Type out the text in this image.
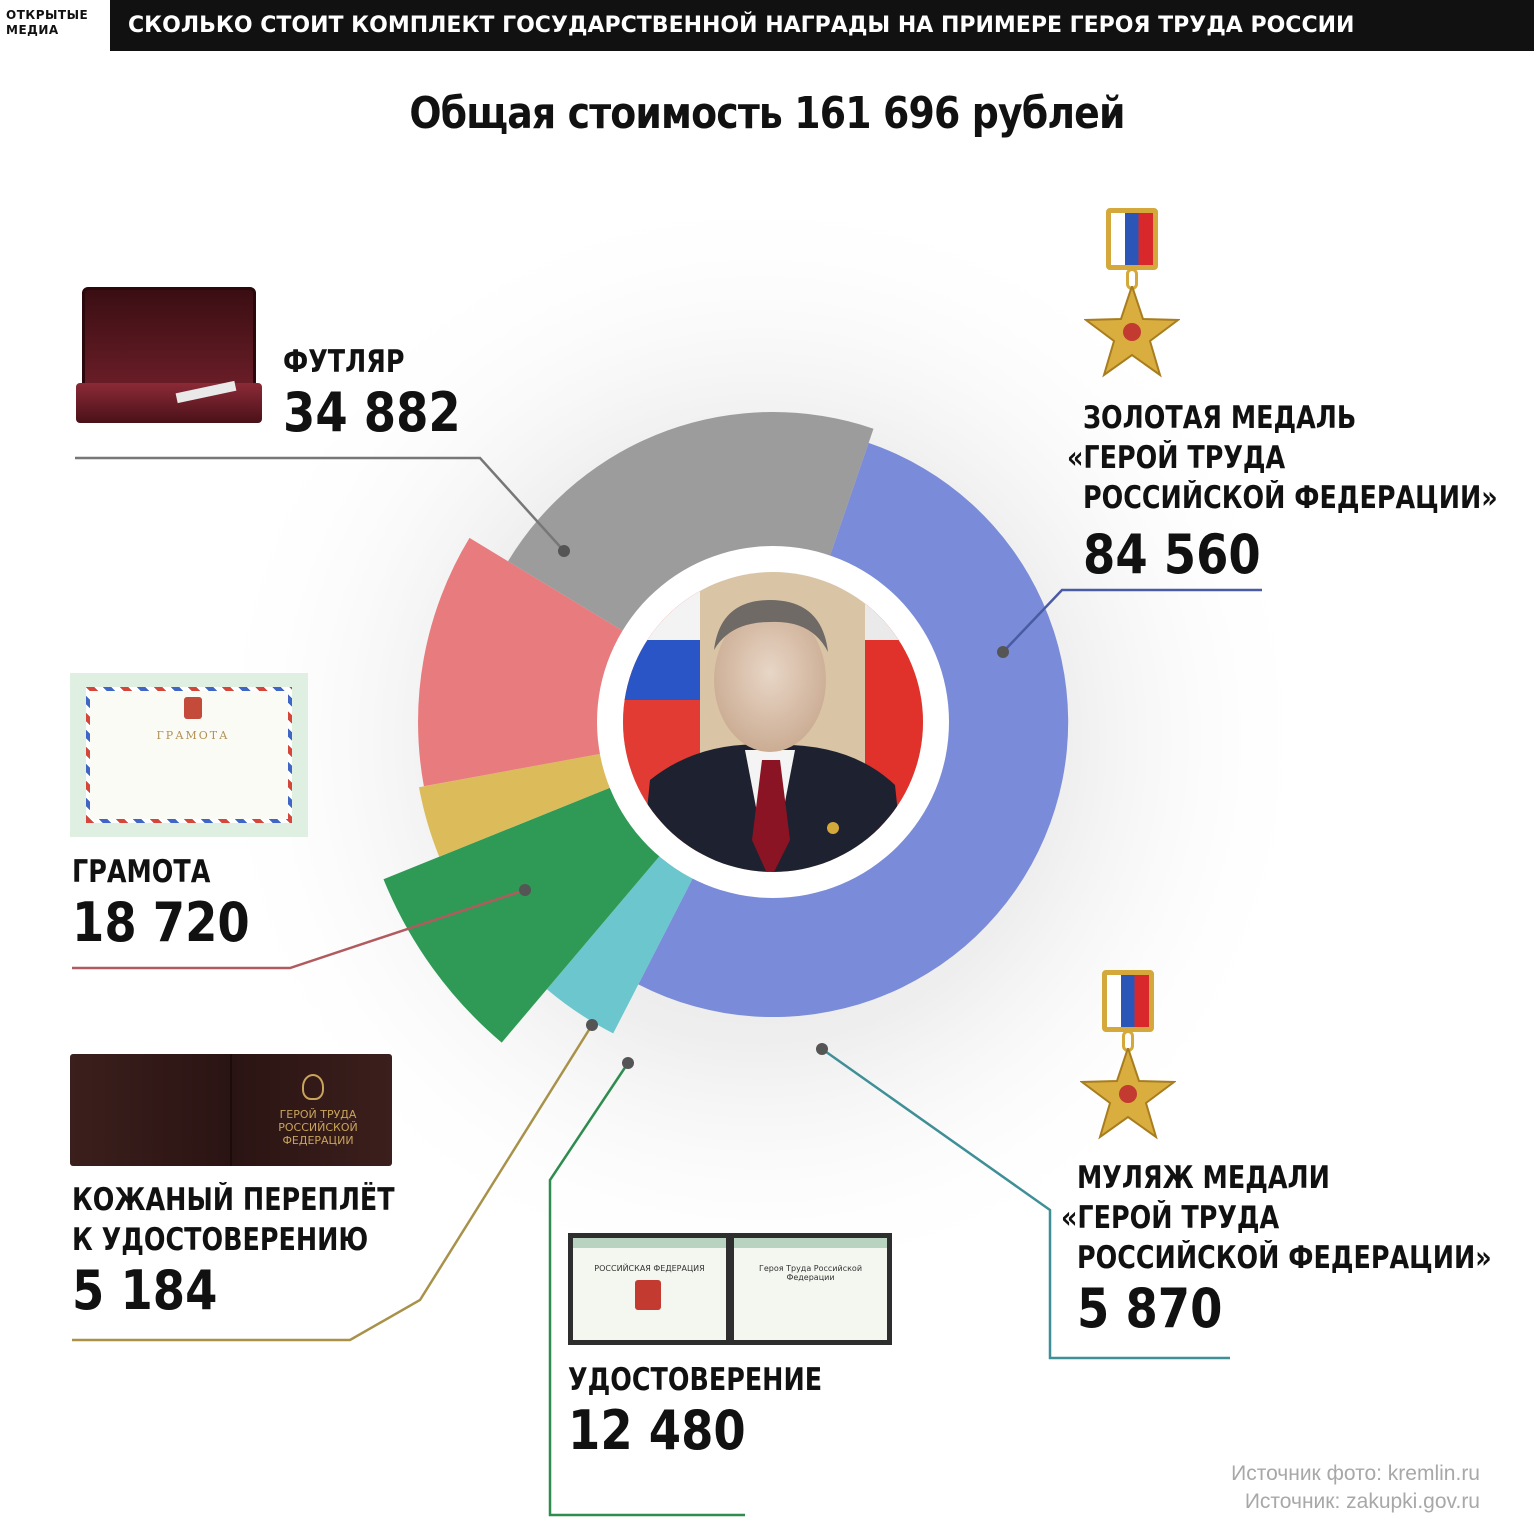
ОТКРЫТЫЕ
МЕДИА	СКОЛЬКО СТОИТ КОМПЛЕКТ ГОСУДАРСТВЕННОЙ НАГРАДЫ НА ПРИМЕРЕ ГЕРОЯ ТРУДА РОССИИ
Общая стоимость 161 696 рублей
ФУТЛЯР
34 882	ЗОЛОТАЯ МЕДАЛЬ
«ГЕРОЙ ТРУДА
РОССИЙСКОЙ ФЕДЕРАЦИИ»
84 560
ГРАМОТА
18 720
КОЖАНЫЙ ПЕРЕПЛЁТ
К УДОСТОВЕРЕНИЮ
5 184
МУЛЯЖ МЕДАЛИ
«ГЕРОЙ ТРУДА
РОССИЙСКОЙ ФЕДЕРАЦИИ»
5 870
УДОСТОВЕРЕНИЕ
12 480
ГРАМОТА
ГЕРОЙ ТРУДА РОССИЙСКОЙ ФЕДЕРАЦИИ
РОССИЙСКАЯ ФЕДЕРАЦИЯ	Героя Труда Российской Федерации
Источник фото: kremlin.ru
Источник: zakupki.gov.ru
